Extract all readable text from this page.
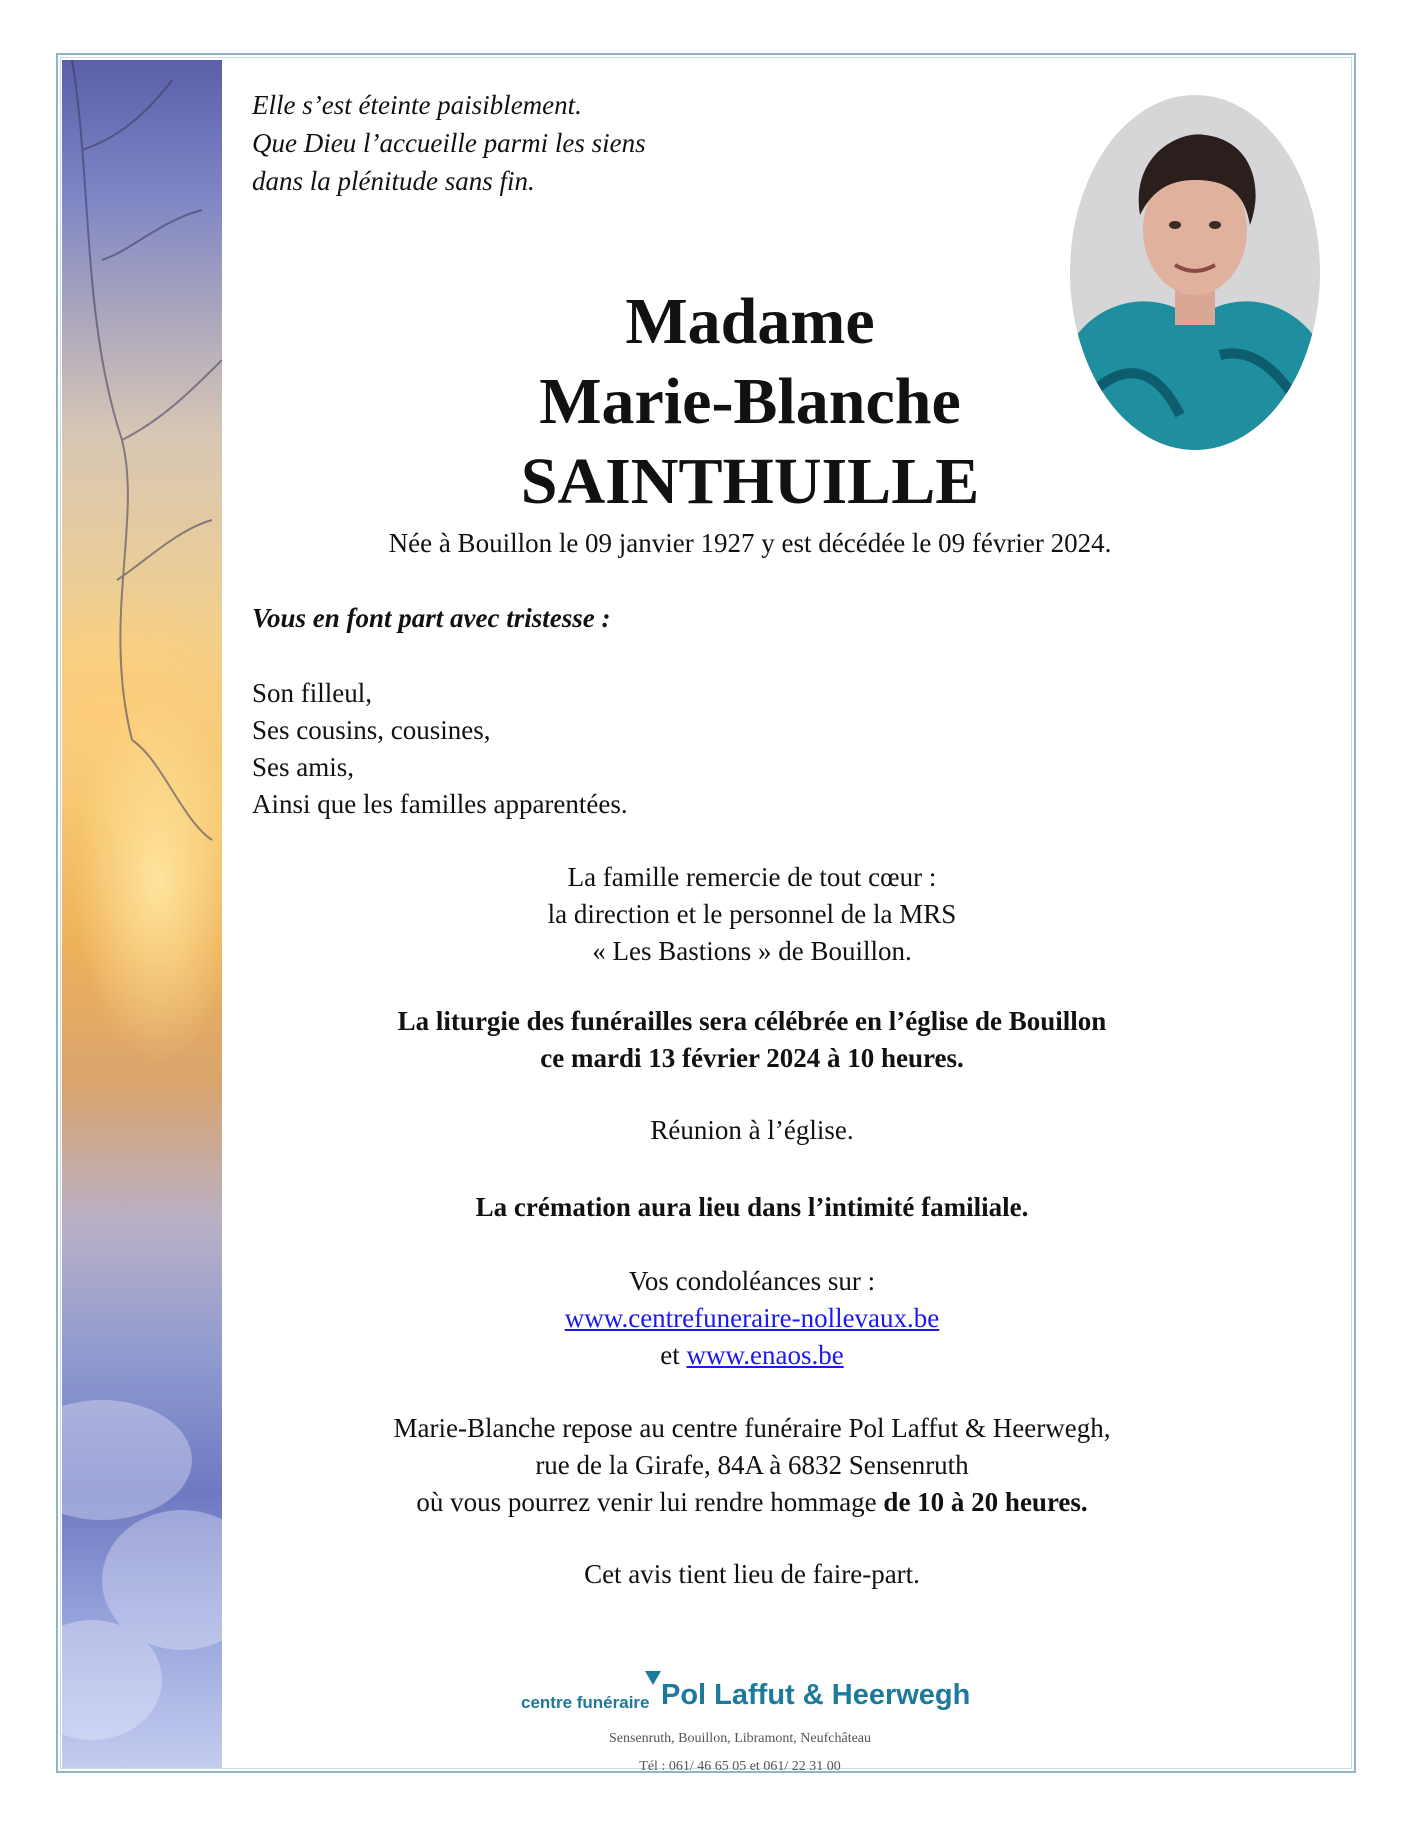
Elle s’est éteinte paisiblement.
Que Dieu l’accueille parmi les siens
dans la plénitude sans fin.
Madame
Marie-Blanche
SAINTHUILLE
Née à Bouillon le 09 janvier 1927 y est décédée le 09 février 2024.
Vous en font part avec tristesse :
Son filleul,
Ses cousins, cousines,
Ses amis,
Ainsi que les familles apparentées.
La famille remercie de tout cœur :
la direction et le personnel de la MRS
« Les Bastions » de Bouillon.
La liturgie des funérailles sera célébrée en l’église de Bouillon
ce mardi 13 février 2024 à 10 heures.
Réunion à l’église.
La crémation aura lieu dans l’intimité familiale.
Vos condoléances sur :
www.centrefuneraire-nollevaux.be
et www.enaos.be
Marie-Blanche repose au centre funéraire Pol Laffut & Heerwegh,
rue de la Girafe, 84A à 6832 Sensenruth
où vous pourrez venir lui rendre hommage de 10 à 20 heures.
Cet avis tient lieu de faire-part.
centre funéraire Pol Laffut & Heerwegh
Sensenruth, Bouillon, Libramont, Neufchâteau
Tél : 061/ 46 65 05 et 061/ 22 31 00
